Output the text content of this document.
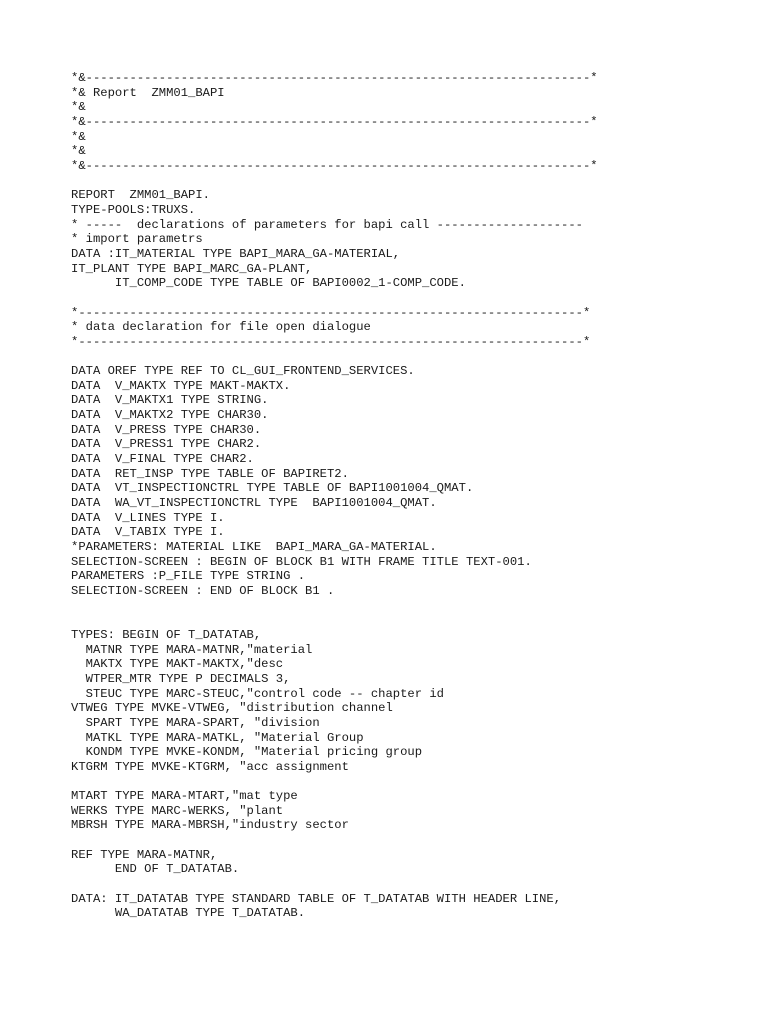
*&---------------------------------------------------------------------*
*& Report  ZMM01_BAPI
*&
*&---------------------------------------------------------------------*
*&
*&
*&---------------------------------------------------------------------*
REPORT  ZMM01_BAPI.
TYPE-POOLS:TRUXS.
* -----  declarations of parameters for bapi call --------------------
* import parametrs
DATA :IT_MATERIAL TYPE BAPI_MARA_GA-MATERIAL,
IT_PLANT TYPE BAPI_MARC_GA-PLANT,
IT_COMP_CODE TYPE TABLE OF BAPI0002_1-COMP_CODE.
*---------------------------------------------------------------------*
* data declaration for file open dialogue
*---------------------------------------------------------------------*
DATA OREF TYPE REF TO CL_GUI_FRONTEND_SERVICES.
DATA  V_MAKTX TYPE MAKT-MAKTX.
DATA  V_MAKTX1 TYPE STRING.
DATA  V_MAKTX2 TYPE CHAR30.
DATA  V_PRESS TYPE CHAR30.
DATA  V_PRESS1 TYPE CHAR2.
DATA  V_FINAL TYPE CHAR2.
DATA  RET_INSP TYPE TABLE OF BAPIRET2.
DATA  VT_INSPECTIONCTRL TYPE TABLE OF BAPI1001004_QMAT.
DATA  WA_VT_INSPECTIONCTRL TYPE  BAPI1001004_QMAT.
DATA  V_LINES TYPE I.
DATA  V_TABIX TYPE I.
*PARAMETERS: MATERIAL LIKE  BAPI_MARA_GA-MATERIAL.
SELECTION-SCREEN : BEGIN OF BLOCK B1 WITH FRAME TITLE TEXT-001.
PARAMETERS :P_FILE TYPE STRING .
SELECTION-SCREEN : END OF BLOCK B1 .
TYPES: BEGIN OF T_DATATAB,
MATNR TYPE MARA-MATNR,"material
MAKTX TYPE MAKT-MAKTX,"desc
WTPER_MTR TYPE P DECIMALS 3,
STEUC TYPE MARC-STEUC,"control code -- chapter id
VTWEG TYPE MVKE-VTWEG, "distribution channel
SPART TYPE MARA-SPART, "division
MATKL TYPE MARA-MATKL, "Material Group
KONDM TYPE MVKE-KONDM, "Material pricing group
KTGRM TYPE MVKE-KTGRM, "acc assignment
MTART TYPE MARA-MTART,"mat type
WERKS TYPE MARC-WERKS, "plant
MBRSH TYPE MARA-MBRSH,"industry sector
REF TYPE MARA-MATNR,
END OF T_DATATAB.
DATA: IT_DATATAB TYPE STANDARD TABLE OF T_DATATAB WITH HEADER LINE,
WA_DATATAB TYPE T_DATATAB.
